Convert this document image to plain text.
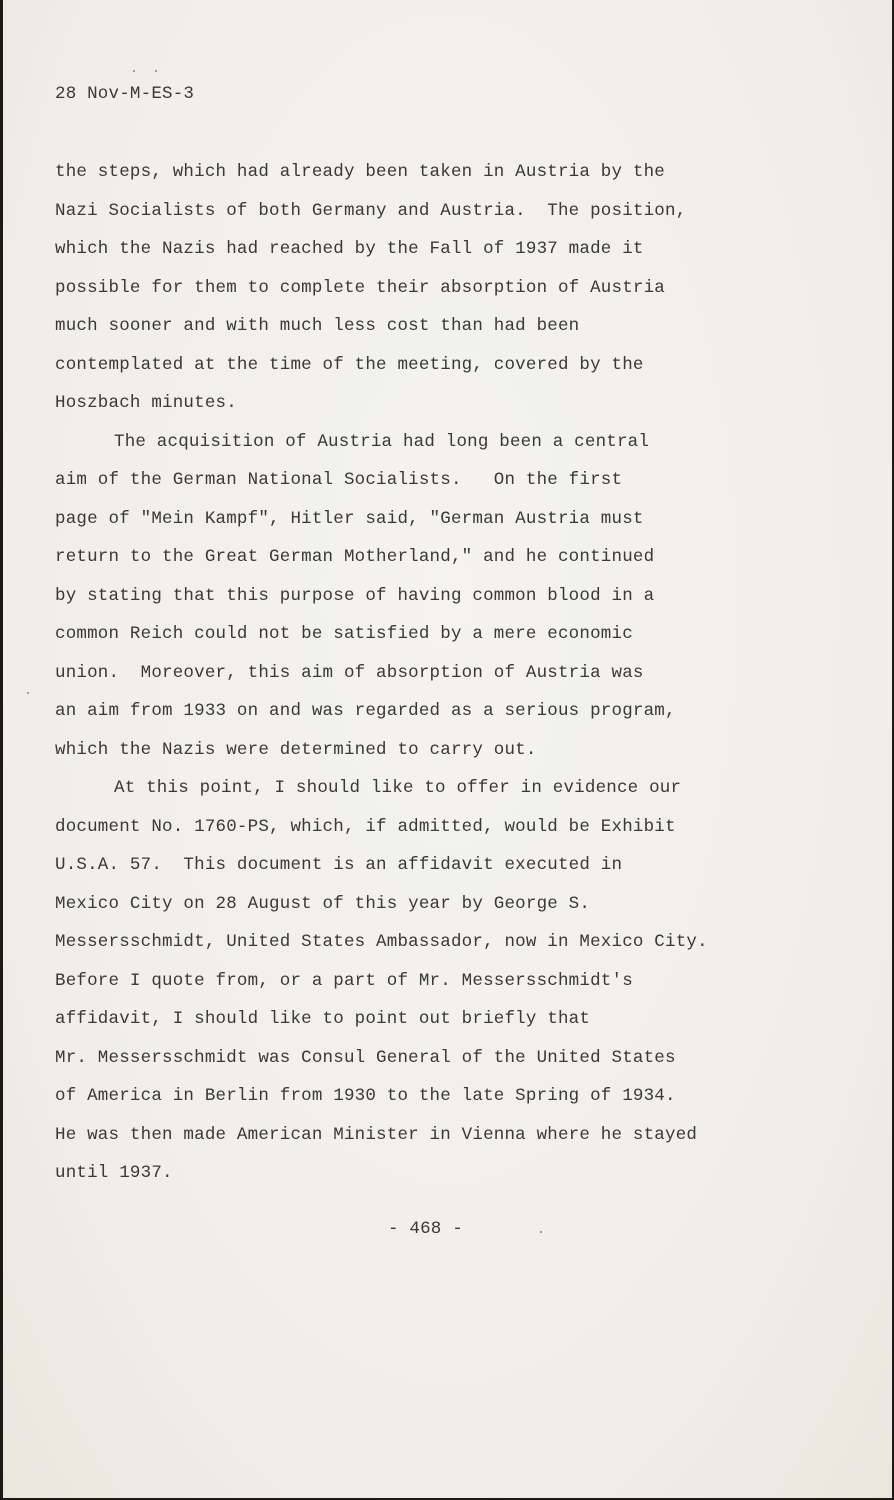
28 Nov-M-ES-3
the steps, which had already been taken in Austria by the
Nazi Socialists of both Germany and Austria.  The position,
which the Nazis had reached by the Fall of 1937 made it
possible for them to complete their absorption of Austria
much sooner and with much less cost than had been
contemplated at the time of the meeting, covered by the
Hoszbach minutes.
The acquisition of Austria had long been a central
aim of the German National Socialists.   On the first
page of "Mein Kampf", Hitler said, "German Austria must
return to the Great German Motherland," and he continued
by stating that this purpose of having common blood in a
common Reich could not be satisfied by a mere economic
union.  Moreover, this aim of absorption of Austria was
an aim from 1933 on and was regarded as a serious program,
which the Nazis were determined to carry out.
At this point, I should like to offer in evidence our
document No. 1760-PS, which, if admitted, would be Exhibit
U.S.A. 57.  This document is an affidavit executed in
Mexico City on 28 August of this year by George S.
Messersschmidt, United States Ambassador, now in Mexico City.
Before I quote from, or a part of Mr. Messersschmidt's
affidavit, I should like to point out briefly that
Mr. Messersschmidt was Consul General of the United States
of America in Berlin from 1930 to the late Spring of 1934.
He was then made American Minister in Vienna where he stayed
until 1937.
- 468 -
